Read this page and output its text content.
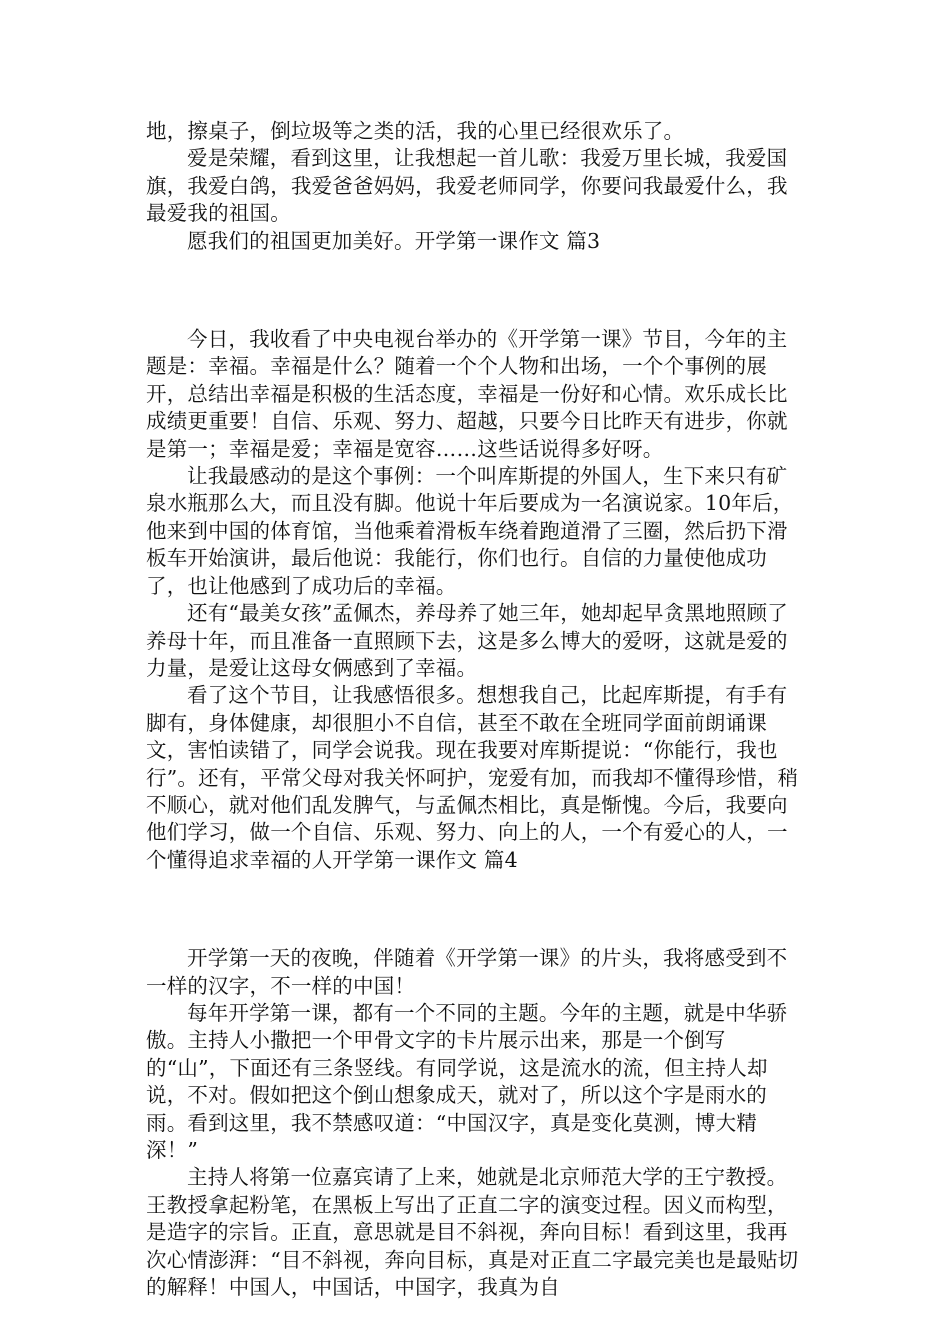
地，擦桌子，倒垃圾等之类的活，我的心里已经很欢乐了。

爱是荣耀，看到这里，让我想起一首儿歌：我爱万里长城，我爱国旗，我爱白鸽，我爱爸爸妈妈，我爱老师同学，你要问我最爱什么，我最爱我的祖国。

愿我们的祖国更加美好。开学第一课作文 篇3

今日，我收看了中央电视台举办的《开学第一课》节目，今年的主题是：幸福。幸福是什么？随着一个个人物和出场，一个个事例的展开，总结出幸福是积极的生活态度，幸福是一份好和心情。欢乐成长比成绩更重要！自信、乐观、努力、超越，只要今日比昨天有进步，你就是第一；幸福是爱；幸福是宽容……这些话说得多好呀。

让我最感动的是这个事例：一个叫库斯提的外国人，生下来只有矿泉水瓶那么大，而且没有脚。他说十年后要成为一名演说家。10年后，他来到中国的体育馆，当他乘着滑板车绕着跑道滑了三圈，然后扔下滑板车开始演讲，最后他说：我能行，你们也行。自信的力量使他成功了，也让他感到了成功后的幸福。

还有“最美女孩”孟佩杰，养母养了她三年，她却起早贪黑地照顾了养母十年，而且准备一直照顾下去，这是多么博大的爱呀，这就是爱的力量，是爱让这母女俩感到了幸福。

看了这个节目，让我感悟很多。想想我自己，比起库斯提，有手有脚有，身体健康，却很胆小不自信，甚至不敢在全班同学面前朗诵课文，害怕读错了，同学会说我。现在我要对库斯提说：“你能行，我也行”。还有，平常父母对我关怀呵护，宠爱有加，而我却不懂得珍惜，稍不顺心，就对他们乱发脾气，与孟佩杰相比，真是惭愧。今后，我要向他们学习，做一个自信、乐观、努力、向上的人，一个有爱心的人，一个懂得追求幸福的人开学第一课作文 篇4

开学第一天的夜晚，伴随着《开学第一课》的片头，我将感受到不一样的汉字，不一样的中国！

每年开学第一课，都有一个不同的主题。今年的主题，就是中华骄傲。主持人小撒把一个甲骨文字的卡片展示出来，那是一个倒写的“山”，下面还有三条竖线。有同学说，这是流水的流，但主持人却说，不对。假如把这个倒山想象成天，就对了，所以这个字是雨水的雨。看到这里，我不禁感叹道：“中国汉字，真是变化莫测，博大精深！”

主持人将第一位嘉宾请了上来，她就是北京师范大学的王宁教授。王教授拿起粉笔，在黑板上写出了正直二字的演变过程。因义而构型，是造字的宗旨。正直，意思就是目不斜视，奔向目标！看到这里，我再次心情澎湃：“目不斜视，奔向目标，真是对正直二字最完美也是最贴切的解释！中国人，中国话，中国字，我真为自
